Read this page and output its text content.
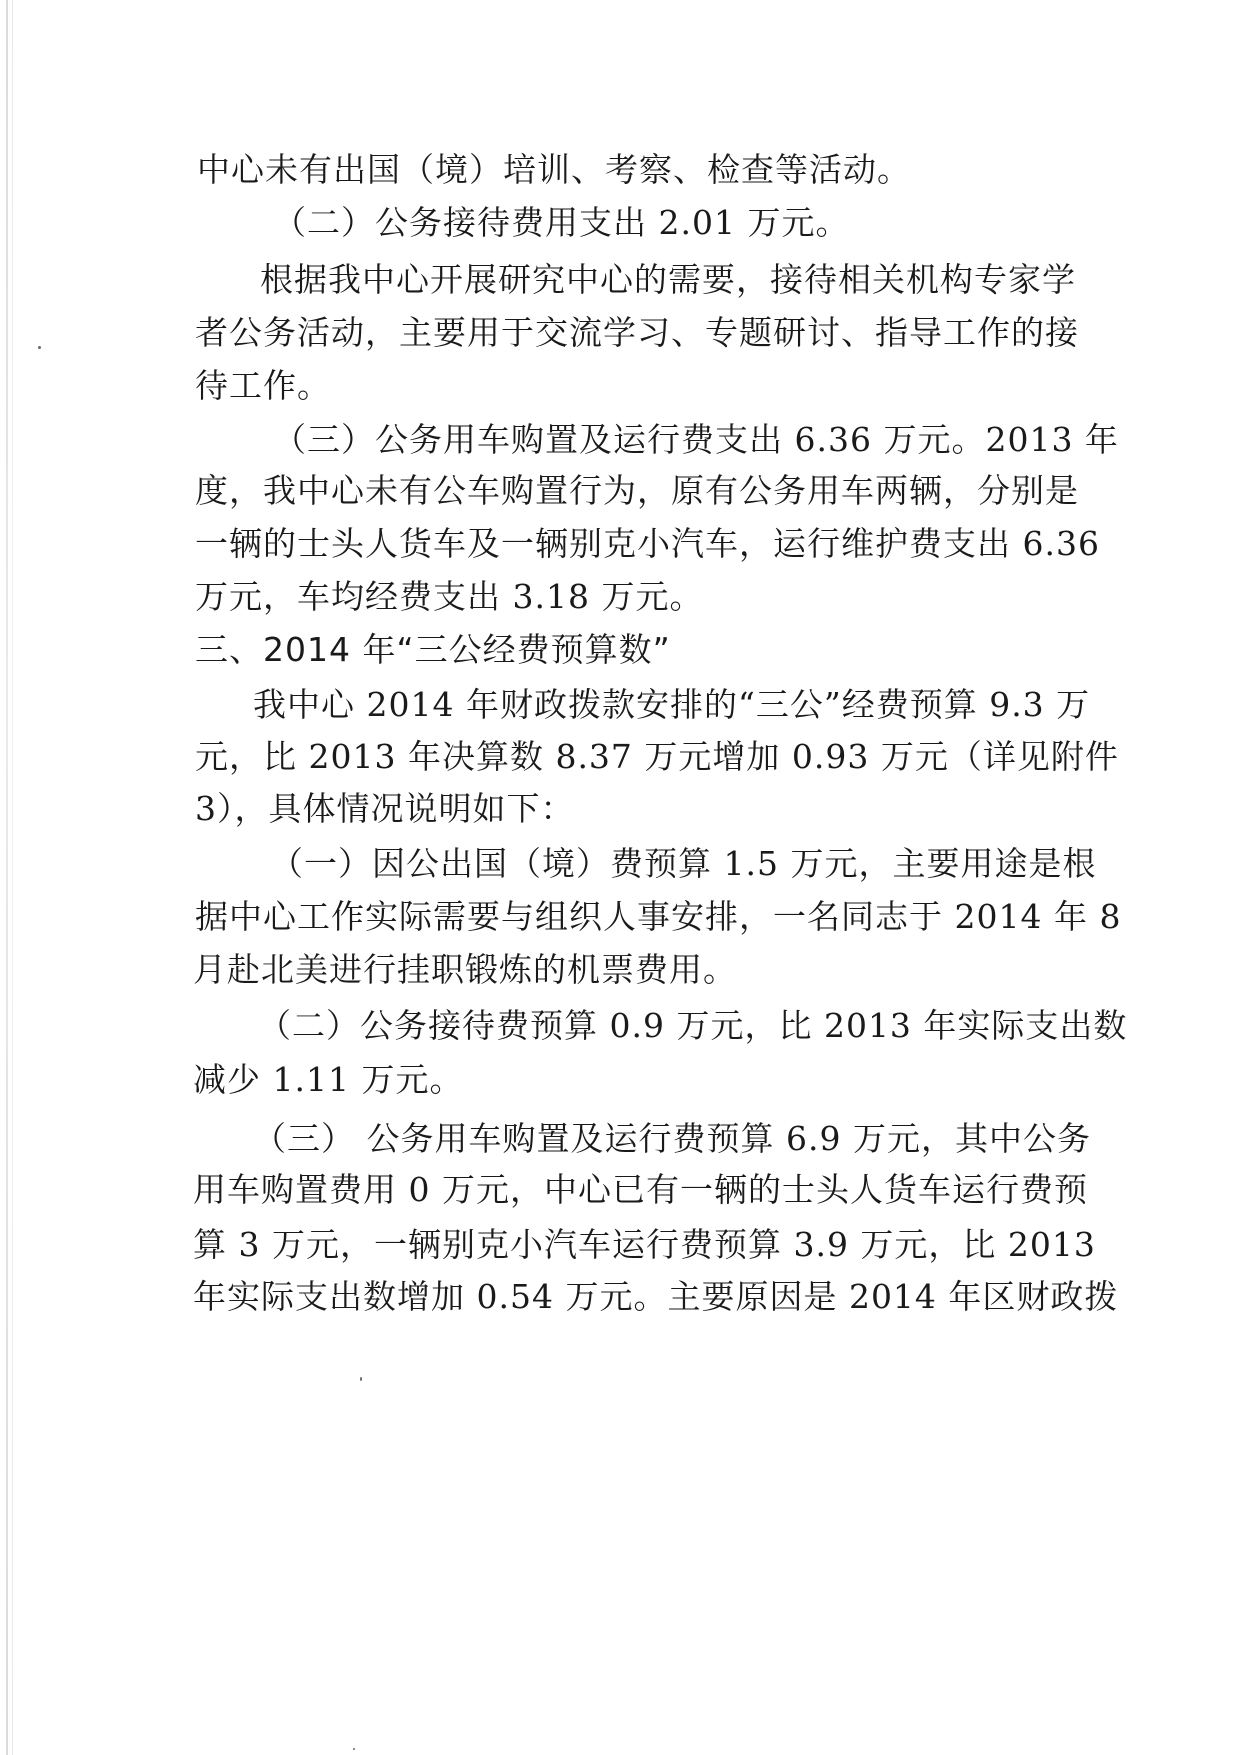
中心未有出国（境）培训、考察、检查等活动。
（二）公务接待费用支出 2.01 万元。
根据我中心开展研究中心的需要，接待相关机构专家学
者公务活动，主要用于交流学习、专题研讨、指导工作的接
待工作。
（三）公务用车购置及运行费支出 6.36 万元。2013 年
度，我中心未有公车购置行为，原有公务用车两辆，分别是
一辆的士头人货车及一辆别克小汽车，运行维护费支出 6.36
万元，车均经费支出 3.18 万元。
三、2014 年“三公经费预算数”
我中心 2014 年财政拨款安排的“三公”经费预算 9.3 万
元，比 2013 年决算数 8.37 万元增加 0.93 万元（详见附件
3），具体情况说明如下：
（一）因公出国（境）费预算 1.5 万元，主要用途是根
据中心工作实际需要与组织人事安排，一名同志于 2014 年 8
月赴北美进行挂职锻炼的机票费用。
（二）公务接待费预算 0.9 万元，比 2013 年实际支出数
减少 1.11 万元。
（三） 公务用车购置及运行费预算 6.9 万元，其中公务
用车购置费用 0 万元，中心已有一辆的士头人货车运行费预
算 3 万元，一辆别克小汽车运行费预算 3.9 万元，比 2013
年实际支出数增加 0.54 万元。主要原因是 2014 年区财政拨
